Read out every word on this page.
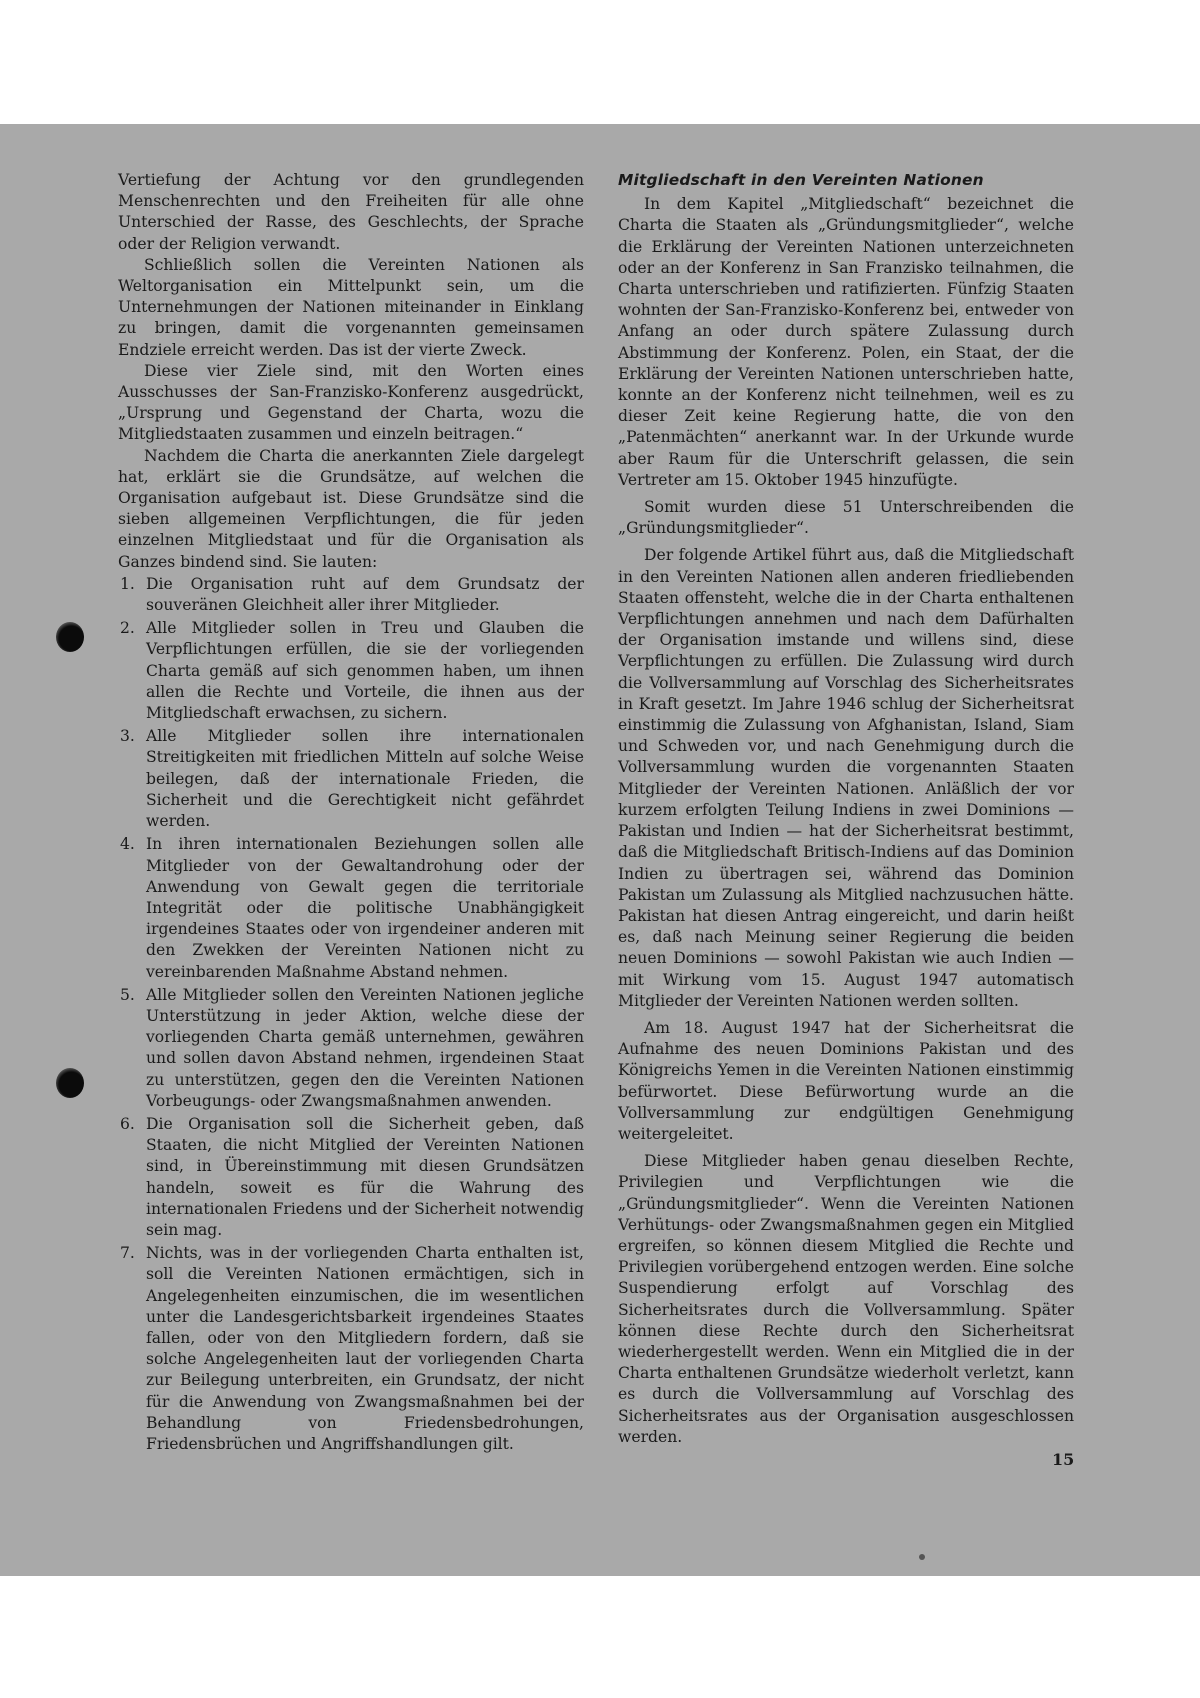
Vertiefung der Achtung vor den grundlegenden Menschenrechten und den Freiheiten für alle ohne Unterschied der Rasse, des Geschlechts, der Sprache oder der Religion verwandt.

Schließlich sollen die Vereinten Nationen als Weltorganisation ein Mittelpunkt sein, um die Unternehmungen der Nationen miteinander in Einklang zu bringen, damit die vorgenannten gemeinsamen Endziele erreicht werden. Das ist der vierte Zweck.

Diese vier Ziele sind, mit den Worten eines Ausschusses der San-Franzisko-Konferenz ausgedrückt, „Ursprung und Gegenstand der Charta, wozu die Mitgliedstaaten zusammen und einzeln beitragen.“

Nachdem die Charta die anerkannten Ziele dargelegt hat, erklärt sie die Grundsätze, auf welchen die Organisation aufgebaut ist. Diese Grundsätze sind die sieben allgemeinen Verpflichtungen, die für jeden einzelnen Mitgliedstaat und für die Organisation als Ganzes bindend sind. Sie lauten:

1. Die Organisation ruht auf dem Grundsatz der souveränen Gleichheit aller ihrer Mitglieder.
2. Alle Mitglieder sollen in Treu und Glauben die Verpflichtungen erfüllen, die sie der vorliegenden Charta gemäß auf sich genommen haben, um ihnen allen die Rechte und Vorteile, die ihnen aus der Mitgliedschaft erwachsen, zu sichern.
3. Alle Mitglieder sollen ihre internationalen Streitigkeiten mit friedlichen Mitteln auf solche Weise beilegen, daß der internationale Frieden, die Sicherheit und die Gerechtigkeit nicht gefährdet werden.
4. In ihren internationalen Beziehungen sollen alle Mitglieder von der Gewaltandrohung oder der Anwendung von Gewalt gegen die territoriale Integrität oder die politische Unabhängigkeit irgendeines Staates oder von irgendeiner anderen mit den Zwekken der Vereinten Nationen nicht zu vereinbarenden Maßnahme Abstand nehmen.
5. Alle Mitglieder sollen den Vereinten Nationen jegliche Unterstützung in jeder Aktion, welche diese der vorliegenden Charta gemäß unternehmen, gewähren und sollen davon Abstand nehmen, irgendeinen Staat zu unterstützen, gegen den die Vereinten Nationen Vorbeugungs- oder Zwangsmaßnahmen anwenden.
6. Die Organisation soll die Sicherheit geben, daß Staaten, die nicht Mitglied der Vereinten Nationen sind, in Übereinstimmung mit diesen Grundsätzen handeln, soweit es für die Wahrung des internationalen Friedens und der Sicherheit notwendig sein mag.
7. Nichts, was in der vorliegenden Charta enthalten ist, soll die Vereinten Nationen ermächtigen, sich in Angelegenheiten einzumischen, die im wesentlichen unter die Landesgerichtsbarkeit irgendeines Staates fallen, oder von den Mitgliedern fordern, daß sie solche Angelegenheiten laut der vorliegenden Charta zur Beilegung unterbreiten, ein Grundsatz, der nicht für die Anwendung von Zwangsmaßnahmen bei der Behandlung von Friedensbedrohungen, Friedensbrüchen und Angriffshandlungen gilt.
Mitgliedschaft in den Vereinten Nationen

In dem Kapitel „Mitgliedschaft“ bezeichnet die Charta die Staaten als „Gründungsmitglieder“, welche die Erklärung der Vereinten Nationen unterzeichneten oder an der Konferenz in San Franzisko teilnahmen, die Charta unterschrieben und ratifizierten. Fünfzig Staaten wohnten der San-Franzisko-Konferenz bei, entweder von Anfang an oder durch spätere Zulassung durch Abstimmung der Konferenz. Polen, ein Staat, der die Erklärung der Vereinten Nationen unterschrieben hatte, konnte an der Konferenz nicht teilnehmen, weil es zu dieser Zeit keine Regierung hatte, die von den „Patenmächten“ anerkannt war. In der Urkunde wurde aber Raum für die Unterschrift gelassen, die sein Vertreter am 15. Oktober 1945 hinzufügte.

Somit wurden diese 51 Unterschreibenden die „Gründungsmitglieder“.

Der folgende Artikel führt aus, daß die Mitgliedschaft in den Vereinten Nationen allen anderen friedliebenden Staaten offensteht, welche die in der Charta enthaltenen Verpflichtungen annehmen und nach dem Dafürhalten der Organisation imstande und willens sind, diese Verpflichtungen zu erfüllen. Die Zulassung wird durch die Vollversammlung auf Vorschlag des Sicherheitsrates in Kraft gesetzt. Im Jahre 1946 schlug der Sicherheitsrat einstimmig die Zulassung von Afghanistan, Island, Siam und Schweden vor, und nach Genehmigung durch die Vollversammlung wurden die vorgenannten Staaten Mitglieder der Vereinten Nationen. Anläßlich der vor kurzem erfolgten Teilung Indiens in zwei Dominions — Pakistan und Indien — hat der Sicherheitsrat bestimmt, daß die Mitgliedschaft Britisch-Indiens auf das Dominion Indien zu übertragen sei, während das Dominion Pakistan um Zulassung als Mitglied nachzusuchen hätte. Pakistan hat diesen Antrag eingereicht, und darin heißt es, daß nach Meinung seiner Regierung die beiden neuen Dominions — sowohl Pakistan wie auch Indien — mit Wirkung vom 15. August 1947 automatisch Mitglieder der Vereinten Nationen werden sollten.

Am 18. August 1947 hat der Sicherheitsrat die Aufnahme des neuen Dominions Pakistan und des Königreichs Yemen in die Vereinten Nationen einstimmig befürwortet. Diese Befürwortung wurde an die Vollversammlung zur endgültigen Genehmigung weitergeleitet.

Diese Mitglieder haben genau dieselben Rechte, Privilegien und Verpflichtungen wie die „Gründungsmitglieder“. Wenn die Vereinten Nationen Verhütungs- oder Zwangsmaßnahmen gegen ein Mitglied ergreifen, so können diesem Mitglied die Rechte und Privilegien vorübergehend entzogen werden. Eine solche Suspendierung erfolgt auf Vorschlag des Sicherheitsrates durch die Vollversammlung. Später können diese Rechte durch den Sicherheitsrat wiederhergestellt werden. Wenn ein Mitglied die in der Charta enthaltenen Grundsätze wiederholt verletzt, kann es durch die Vollversammlung auf Vorschlag des Sicherheitsrates aus der Organisation ausgeschlossen werden.

15
